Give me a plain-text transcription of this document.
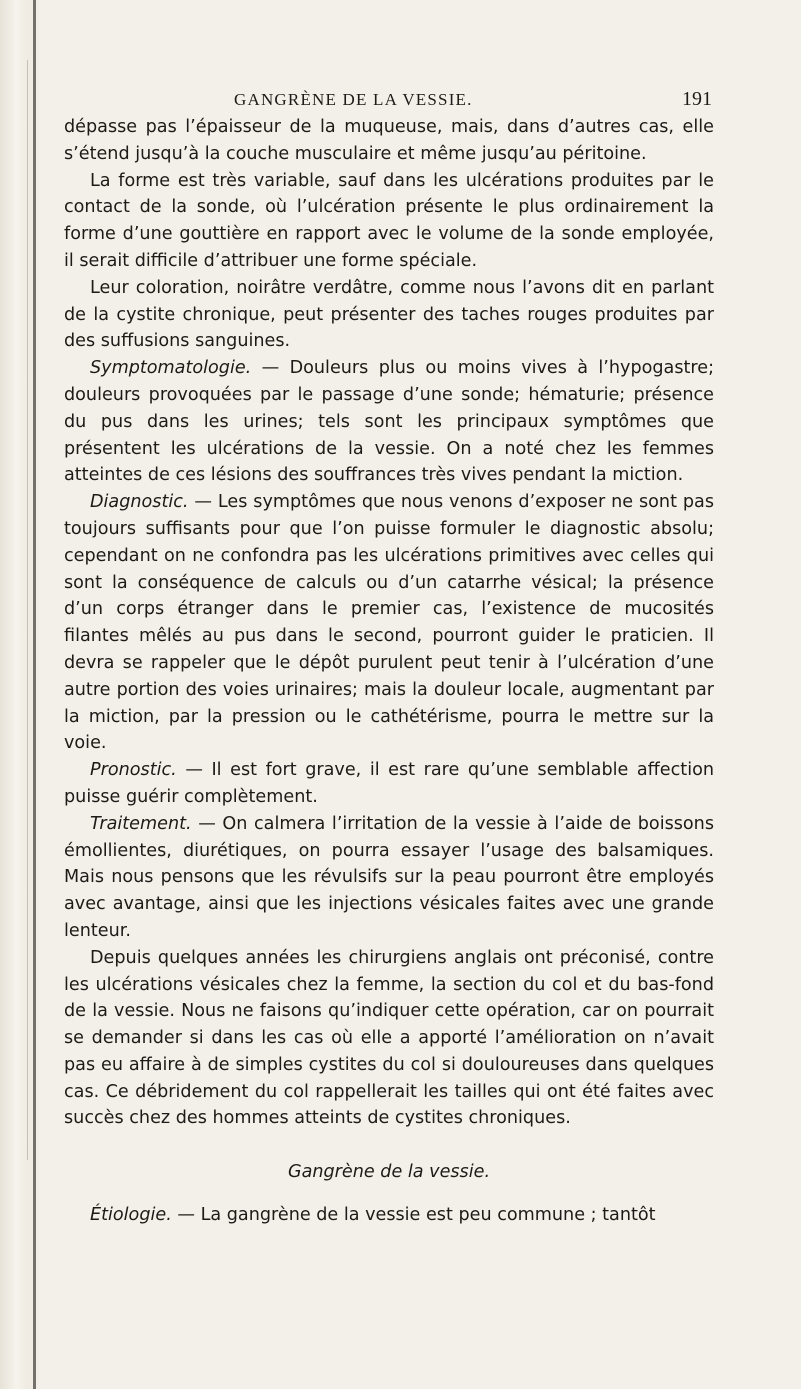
GANGRÈNE DE LA VESSIE.	191

dépasse pas l’épaisseur de la muqueuse, mais, dans d’autres cas, elle s’étend jusqu’à la couche musculaire et même jusqu’au péritoine.

La forme est très variable, sauf dans les ulcérations produites par le contact de la sonde, où l’ulcération présente le plus ordinairement la forme d’une gouttière en rapport avec le volume de la sonde employée, il serait difficile d’attribuer une forme spéciale.

Leur coloration, noirâtre verdâtre, comme nous l’avons dit en parlant de la cystite chronique, peut présenter des taches rouges produites par des suffusions sanguines.

Symptomatologie. — Douleurs plus ou moins vives à l’hypogastre; douleurs provoquées par le passage d’une sonde; hématurie; présence du pus dans les urines; tels sont les principaux symptômes que présentent les ulcérations de la vessie. On a noté chez les femmes atteintes de ces lésions des souffrances très vives pendant la miction.

Diagnostic. — Les symptômes que nous venons d’exposer ne sont pas toujours suffisants pour que l’on puisse formuler le diagnostic absolu; cependant on ne confondra pas les ulcérations primitives avec celles qui sont la conséquence de calculs ou d’un catarrhe vésical; la présence d’un corps étranger dans le premier cas, l’existence de mucosités filantes mêlés au pus dans le second, pourront guider le praticien. Il devra se rappeler que le dépôt purulent peut tenir à l’ulcération d’une autre portion des voies urinaires; mais la douleur locale, augmentant par la miction, par la pression ou le cathétérisme, pourra le mettre sur la voie.

Pronostic. — Il est fort grave, il est rare qu’une semblable affection puisse guérir complètement.

Traitement. — On calmera l’irritation de la vessie à l’aide de boissons émollientes, diurétiques, on pourra essayer l’usage des balsamiques. Mais nous pensons que les révulsifs sur la peau pourront être employés avec avantage, ainsi que les injections vésicales faites avec une grande lenteur.

Depuis quelques années les chirurgiens anglais ont préconisé, contre les ulcérations vésicales chez la femme, la section du col et du bas-fond de la vessie. Nous ne faisons qu’indiquer cette opération, car on pourrait se demander si dans les cas où elle a apporté l’amélioration on n’avait pas eu affaire à de simples cystites du col si douloureuses dans quelques cas. Ce débridement du col rappellerait les tailles qui ont été faites avec succès chez des hommes atteints de cystites chroniques.

Gangrène de la vessie.

Étiologie. — La gangrène de la vessie est peu commune ; tantôt
